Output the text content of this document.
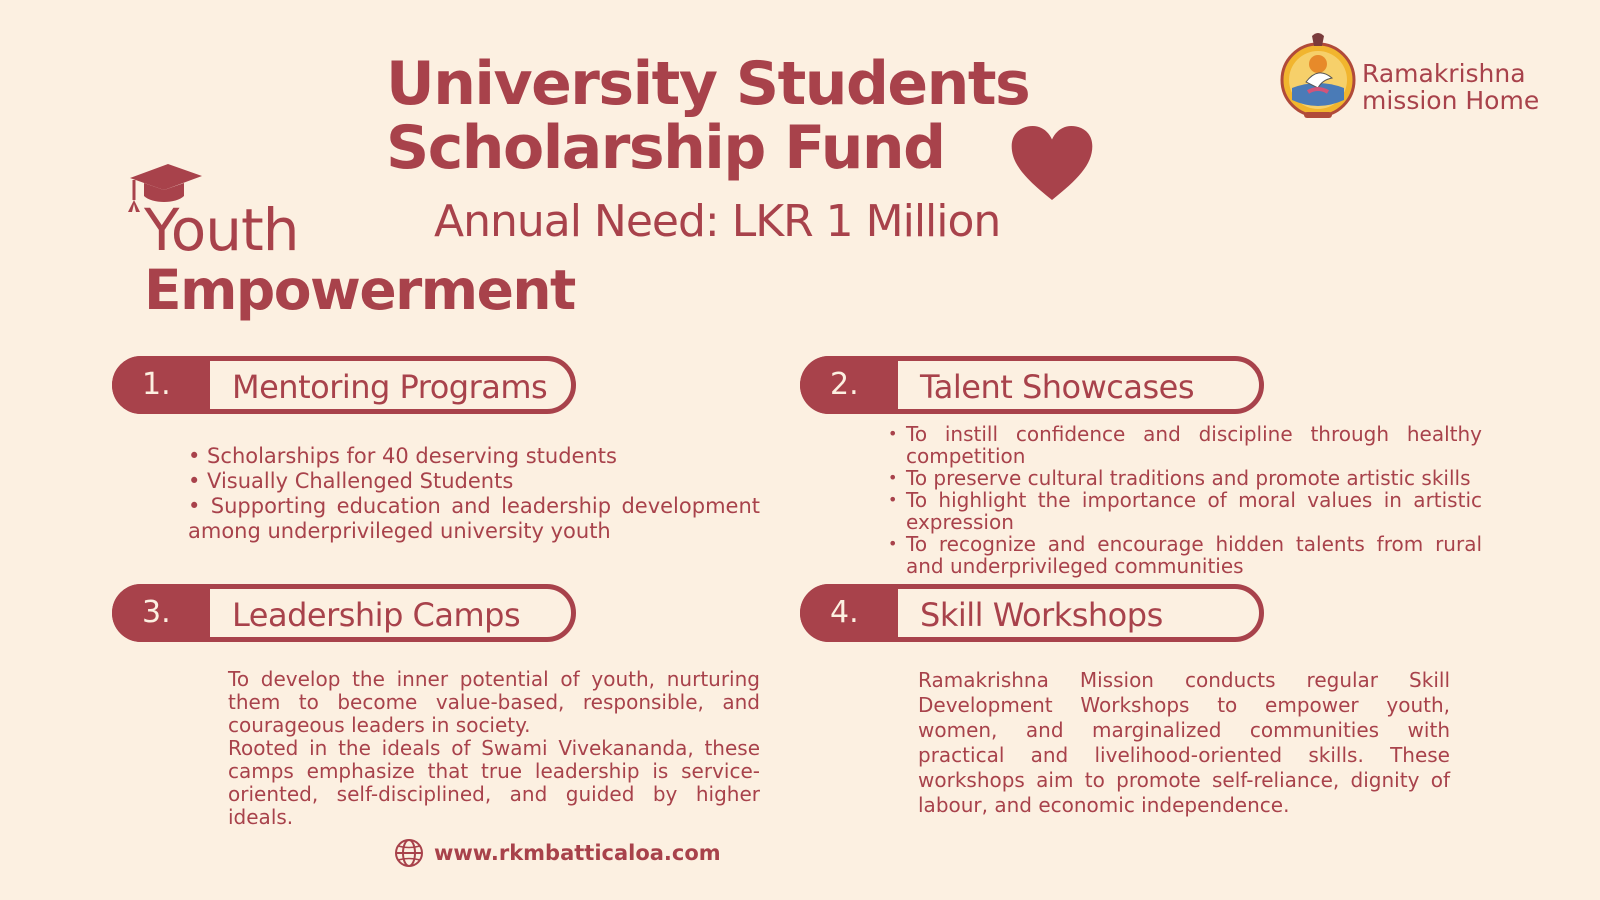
University Students
Scholarship Fund
Annual Need: LKR 1 Million
Youth
Empowerment
Ramakrishna
mission Home
1.	Mentoring Programs

• Scholarships for 40 deserving students

• Visually Challenged Students

• Supporting education and leadership development among underprivileged university youth

2.	Talent Showcases
• To instill confidence and discipline through healthy competition
• To preserve cultural traditions and promote artistic skills
• To highlight the importance of moral values in artistic expression
• To recognize and encourage hidden talents from rural and underprivileged communities
3.	Leadership Camps

To develop the inner potential of youth, nurturing them to become value-based, responsible, and courageous leaders in society.

Rooted in the ideals of Swami Vivekananda, these camps emphasize that true leadership is service-oriented, self-disciplined, and guided by higher ideals.

4.	Skill Workshops

Ramakrishna Mission conducts regular Skill Development Workshops to empower youth, women, and marginalized communities with practical and livelihood-oriented skills. These workshops aim to promote self-reliance, dignity of labour, and economic independence.

www.rkmbatticaloa.com
